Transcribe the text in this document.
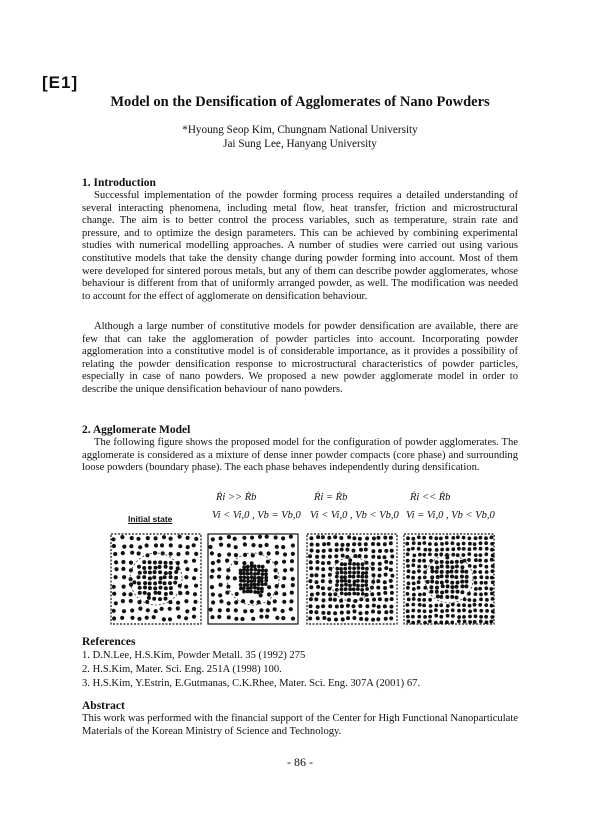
[E1]
Model on the Densification of Agglomerates of Nano Powders
*Hyoung Seop Kim, Chungnam National University
Jai Sung Lee, Hanyang University
1. Introduction
Successful implementation of the powder forming process requires a detailed understanding of several interacting phenomena, including metal flow, heat transfer, friction and microstructural change. The aim is to better control the process variables, such as temperature, strain rate and pressure, and to optimize the design parameters. This can be achieved by combining experimental studies with numerical modelling approaches. A number of studies were carried out using various constitutive models that take the density change during powder forming into account. Most of them were developed for sintered porous metals, but any of them can describe powder agglomerates, whose behaviour is different from that of uniformly arranged powder, as well. The modification was needed to account for the effect of agglomerate on densification behaviour.
Although a large number of constitutive models for powder densification are available, there are few that can take the agglomeration of powder particles into account. Incorporating powder agglomeration into a constitutive model is of considerable importance, as it provides a possibility of relating the powder densification response to microstructural characteristics of powder particles, especially in case of nano powders. We proposed a new powder agglomerate model in order to describe the unique densification behaviour of nano powders.
2. Agglomerate Model
The following figure shows the proposed model for the configuration of powder agglomerates. The agglomerate is considered as a mixture of dense inner powder compacts (core phase) and surrounding loose powders (boundary phase). The each phase behaves independently during densification.
Ṙi >> Ṙb
Vi < Vi,0 , Vb = Vb,0
Ṙi = Ṙb
Vi < Vi,0 , Vb < Vb,0
Ṙi << Ṙb
Vi = Vi,0 , Vb < Vb,0
Initial state
References
1. D.N.Lee, H.S.Kim, Powder Metall. 35 (1992) 275
2. H.S.Kim, Mater. Sci. Eng. 251A (1998) 100.
3. H.S.Kim, Y.Estrin, E.Gutmanas, C.K.Rhee, Mater. Sci. Eng. 307A (2001) 67.
Abstract
This work was performed with the financial support of the Center for High Functional Nanoparticulate Materials of the Korean Ministry of Science and Technology.
- 86 -
